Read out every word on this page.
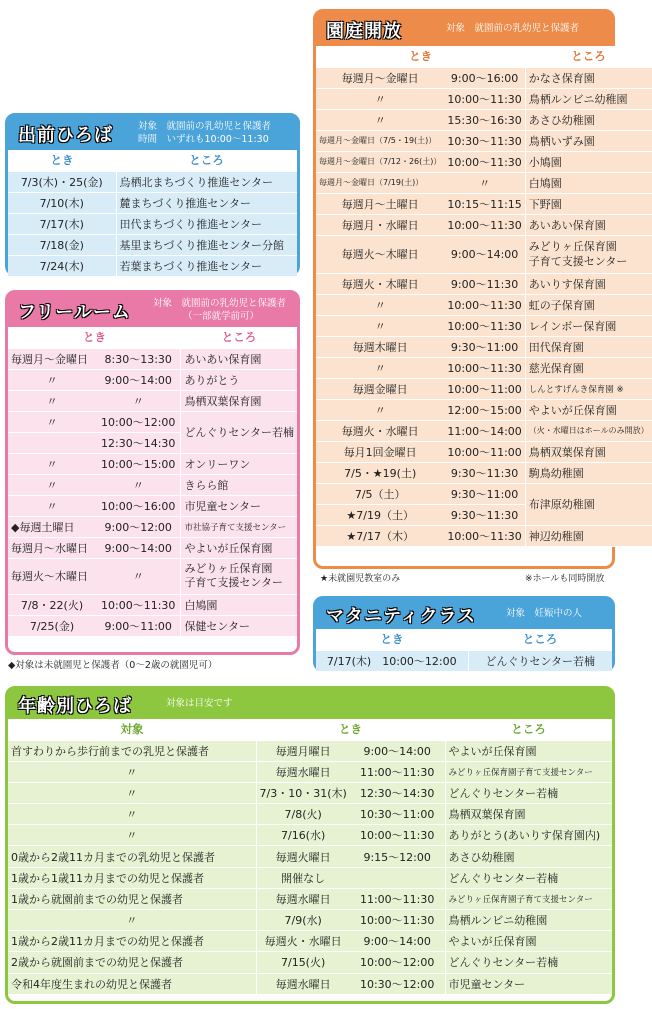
出前ひろば	対象　就園前の乳幼児と保護者
時間　いずれも10:00～11:30
とき	ところ
7/3(木)・25(金)	烏栖北まちづくり推進センター
7/10(木)	麓まちづくり推進センター
7/17(木)	田代まちづくり推進センター
7/18(金)	基里まちづくり推進センター分館
7/24(木)	若葉まちづくり推進センター
フリールーム 対象　就園前の乳幼児と保護者
（一部就学前可）
とき		ところ
毎週月～金曜日	8:30～13:30	あいあい保育園
〃	9:00～14:00	ありがとう
〃	〃	鳥栖双葉保育園
〃	10:00～12:00	どんぐりセンター若楠
	12:30～14:30	
〃	10:00～15:00	オンリーワン
〃	〃	きらら館
〃	10:00～16:00	市児童センター
◆毎週土曜日	9:00～12:00	市社協子育て支援センター
毎週月～水曜日	9:00～14:00	やよいが丘保育園
毎週火～木曜日	〃	みどりヶ丘保育園
子育て支援センター

7/8・22(火)	10:00～11:30	白鳩園
7/25(金)	9:00～11:00	保健センター
◆対象は未就園児と保護者（0～2歳の就園児可）
園庭開放	対象　就園前の乳幼児と保護者
とき		ところ
毎週月～金曜日	9:00～16:00	かなさ保育園
〃	10:00～11:30	鳥栖ルンビニ幼稚園
〃	15:30～16:30	あさひ幼稚園
毎週月～金曜日（7/5・19(土)）	10:30～11:30	鳥栖いずみ園
毎週月～金曜日（7/12・26(土)）	10:00～11:30	小鳩園
毎週月～金曜日（7/19(土)）	〃	白鳩園
毎週月～土曜日	10:15～11:15	下野園
毎週月・水曜日	10:00～11:30	あいあい保育園
毎週火～木曜日	9:00～14:00	みどりヶ丘保育園
子育て支援センター

毎週火・木曜日	9:00～11:30	あいりす保育園
〃	10:00～11:30	虹の子保育園
〃	10:00～11:30	レインボー保育園
毎週木曜日	9:30～11:00	田代保育園
〃	10:00～11:30	慈光保育園
毎週金曜日	10:00～11:00	しんとすげんき保育園 ※
〃	12:00～15:00	やよいが丘保育園
毎週火・水曜日	11:00～14:00	（火・水曜日はホールのみ開放）
毎月1回金曜日	10:00～11:00	鳥栖双葉保育園
7/5・★19(土)	9:30～11:30	駒鳥幼稚園
7/5（土）	9:30～11:00	布津原幼稚園
★7/19（土）	9:30～11:30	
★7/17（木）	10:00～11:30	神辺幼稚園
★未就園児教室のみ	※ホールも同時開放
マタニティクラス	対象　妊娠中の人
とき	ところ
7/17(木)　10:00～12:00	どんぐりセンター若楠
年齢別ひろば	対象は目安です
対象	とき		ところ
首すわりから歩行前までの乳児と保護者	毎週月曜日	9:00～14:00	やよいが丘保育園
〃	毎週水曜日	11:00～11:30	みどりヶ丘保育園子育て支援センター
〃	7/3・10・31(木)	12:30～14:30	どんぐりセンター若楠
〃	7/8(火)	10:30～11:00	鳥栖双葉保育園
〃	7/16(水)	10:00～11:30	ありがとう(あいりす保育園内)
0歳から2歳11カ月までの乳幼児と保護者	毎週火曜日	9:15～12:00	あさひ幼稚園
1歳から1歳11カ月までの幼児と保護者	開催なし		どんぐりセンター若楠
1歳から就園前までの幼児と保護者	毎週水曜日	11:00～11:30	みどりヶ丘保育園子育て支援センター
〃	7/9(水)	10:00～11:30	鳥栖ルンビニ幼稚園
1歳から2歳11カ月までの幼児と保護者	毎週火・水曜日	9:00～14:00	やよいが丘保育園
2歳から就園前までの幼児と保護者	7/15(火)	10:00～12:00	どんぐりセンター若楠
令和4年度生まれの幼児と保護者	毎週水曜日	10:30～12:00	市児童センター
